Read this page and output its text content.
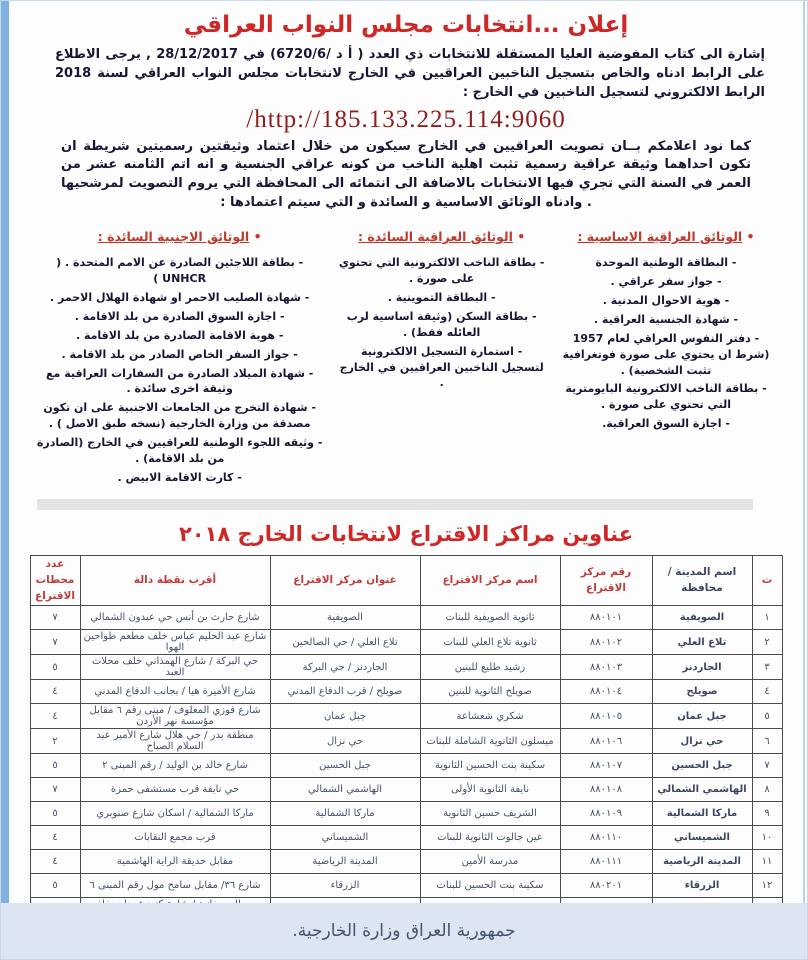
إعلان ...انتخابات مجلس النواب العراقي

إشارة الى كتاب المفوضية العليا المستقلة للانتخابات ذي العدد ( أ د /6720/6) في 28/12/2017 , يرجى الاطلاع على الرابط ادناه والخاص بتسجيل الناخبين العراقيين في الخارج لانتخابات مجلس النواب العراقي لسنة 2018 الرابط الالكتروني لتسجيل الناخبين في الخارج :

http://185.133.225.114:9060/

كما نود اعلامكم بــان تصويت العراقيين في الخارج سيكون من خلال اعتماد وثيقتين رسميتين شريطة ان تكون احداهما وثيقة عراقية رسمية تثبت اهلية الناخب من كونه عراقي الجنسية و انه اتم الثامنه عشر من العمر في السنة التي تجري فيها الانتخابات بالاضافة الى انتمائه الى المحافظة التي يروم التصويت لمرشحيها . وادناه الوثائق الاساسية و السائدة و التي سيتم اعتمادها :

• الوثائق العراقية الاساسية :
- البطاقة الوطنية الموحدة
- جواز سفر عراقي .
- هوية الاحوال المدنية .
- شهادة الجنسية العراقية .
- دفتر النفوس العراقي لعام 1957 (شرط ان يحتوي على صورة فوتغرافية تثبت الشخصية) .
- بطاقة الناخب الالكترونية البايومترية التي تحتوي على صورة .
- اجازة السوق العراقية.
• الوثائق العراقية السائدة :
- بطاقة الناخب الالكترونية التي تحتوي على صورة .
- البطاقة التموينية .
- بطاقة السكن (وثيقة اساسية لرب العائله فقط) .
- استمارة التسجيل الالكترونية لتسجيل الناخبين العراقيين في الخارج .
• الوثائق الاجنبية السائدة :
- بطاقة اللاجئين الصادرة عن الامم المتحدة . ( UNHCR )
- شهادة الصليب الاحمر او شهادة الهلال الاحمر .
- اجازة السوق الصادرة من بلد الاقامة .
- هوية الاقامة الصادرة من بلد الاقامة .
- جواز السفر الخاص الصادر من بلد الاقامة .
- شهادة الميلاد الصادرة من السفارات العراقية مع وثيقة اخرى سائدة .
- شهادة التخرج من الجامعات الاجنبية على ان تكون مصدقة من وزارة الخارجية (نسخه طبق الاصل ) .
- وثيقه اللجوء الوطنية للعراقيين في الخارج (الصادرة من بلد الاقامة) .
- كارت الاقامة الابيض .
عناوين مراكز الاقتراع لانتخابات الخارج ٢٠١٨
ت	اسم المدينة / محافظة	رقم مركز الاقتراع	اسم مركز الاقتراع	عنوان مركز الاقتراع	أقرب نقطة دالة	عدد محطات الاقتراع
١	الصويفية	٨٨٠١٠١	ثانوية الصويفية للبنات	الصويفية	شارع حارث بن أنس حي عبدون الشمالي	٧
٢	تلاع العلي	٨٨٠١٠٢	ثانوية تلاع العلي للبنات	تلاع العلي / حي الصالحين	شارع عبد الحليم عباس خلف مطعم طواحين الهوا	٧
٣	الجاردنز	٨٨٠١٠٣	رشيد طليع للبنين	الجاردنز / حي البركة	حي البركة / شارع الهمذاني خلف محلات العبد	٥
٤	صويلح	٨٨٠١٠٤	صويلح الثانوية للبنين	صويلح / قرب الدفاع المدني	شارع الأميرة هيا / بجانب الدفاع المدني	٤
٥	جبل عمان	٨٨٠١٠٥	شكري شعشاعة	جبل عمان	شارع فوزي المعلوف / مبنى رقم ٦ مقابل مؤسسة نهر الأردن	٤
٦	حي نزال	٨٨٠١٠٦	ميسلون الثانوية الشاملة للبنات	حي نزال	منطقة بدر / حي هلال شارع الأمير عبد السلام الصباح	٢
٧	جبل الحسين	٨٨٠١٠٧	سكينة بنت الحسين الثانوية	جبل الحسين	شارع خالد بن الوليد / رقم المبنى ٢	٥
٨	الهاشمي الشمالي	٨٨٠١٠٨	نايفة الثانوية الأولى	الهاشمي الشمالي	حي نايفة قرب مستشفى حمزة	٧
٩	ماركا الشمالية	٨٨٠١٠٩	الشريف حسين الثانوية	ماركا الشمالية	ماركا الشمالية / اسكان شارع صنوبري	٥
١٠	الشميساني	٨٨٠١١٠	عين جالوت الثانوية للبنات	الشميساني	قرب مجمع النقابات	٤
١١	المدينة الرياضية	٨٨٠١١١	مدرسة الأمين	المدينة الرياضية	مقابل حديقة الراية الهاشمية	٤
١٢	الزرقاء	٨٨٠٢٠١	سكينة بنت الحسين للبنات	الزرقاء	شارع ٣٦/ مقابل سامح مول رقم المبنى ٦	٥

جمهورية العراق وزارة الخارجية.
